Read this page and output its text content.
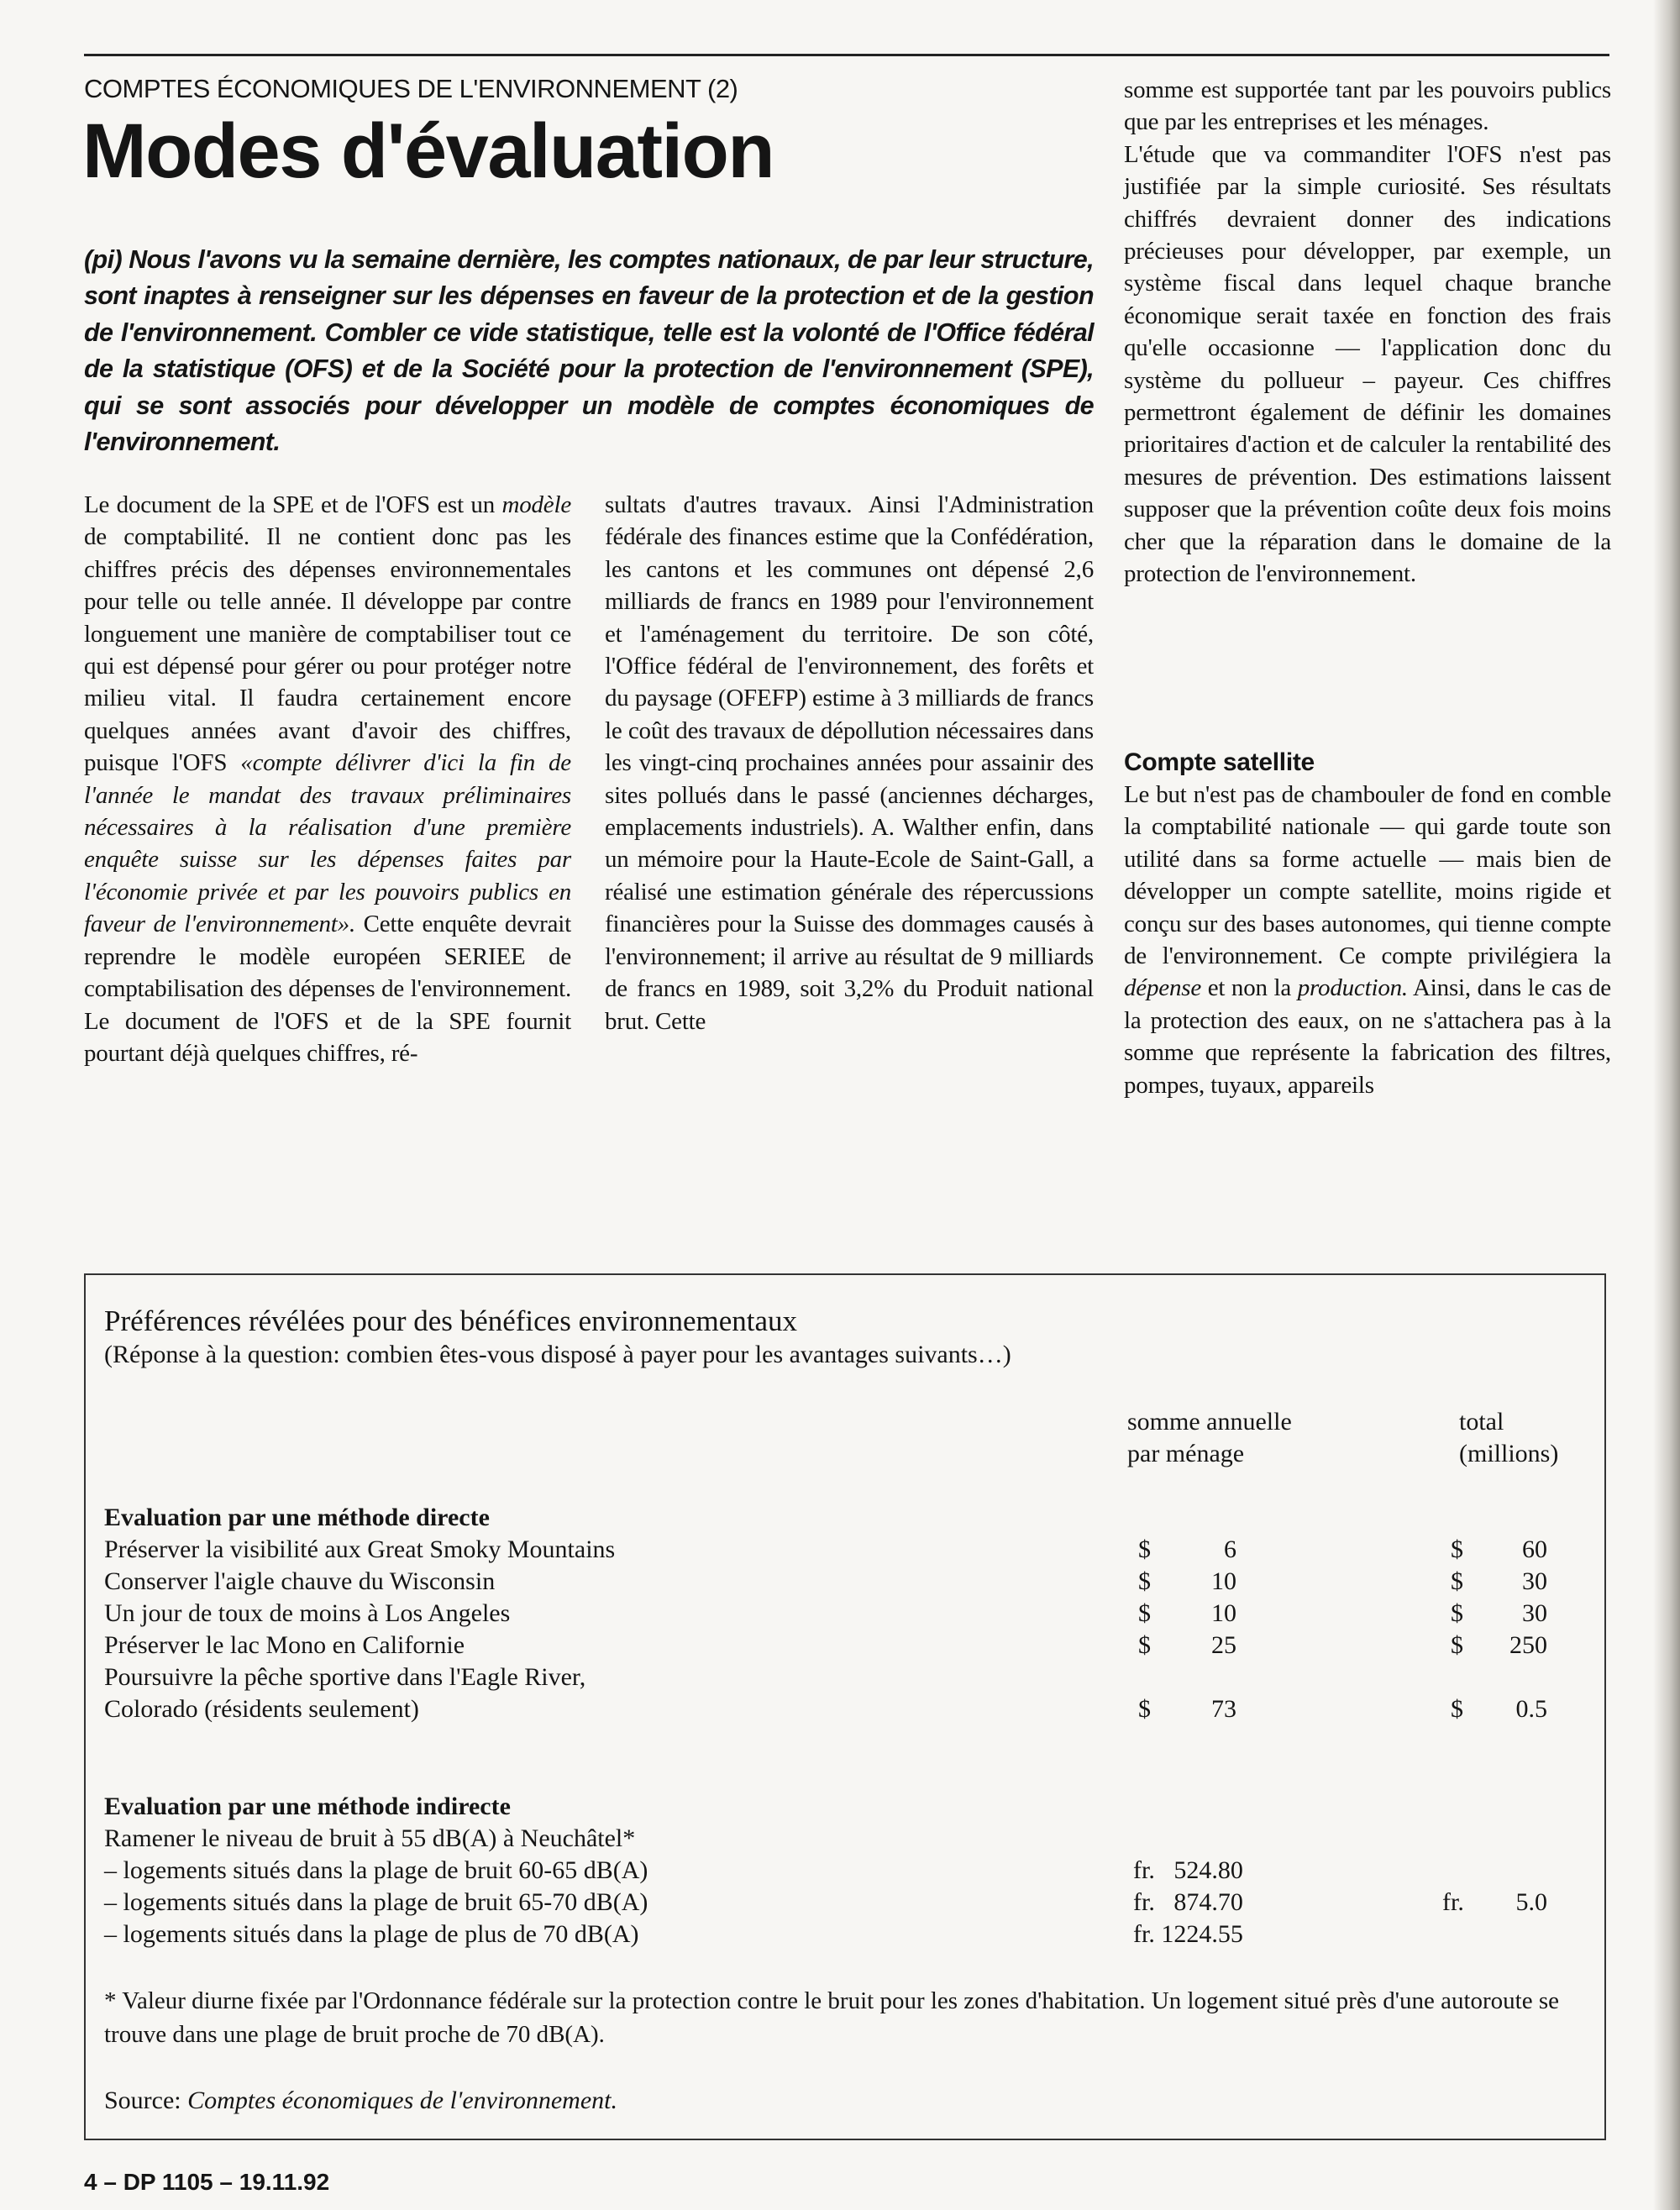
COMPTES ÉCONOMIQUES DE L'ENVIRONNEMENT (2)
Modes d'évaluation

(pi) Nous l'avons vu la semaine dernière, les comptes nationaux, de par leur structure, sont inaptes à renseigner sur les dépenses en faveur de la protection et de la gestion de l'environnement. Combler ce vide statistique, telle est la volonté de l'Office fédéral de la statistique (OFS) et de la Société pour la protection de l'environnement (SPE), qui se sont associés pour développer un modèle de comptes économiques de l'environnement.

Le document de la SPE et de l'OFS est un modèle de comptabilité. Il ne contient donc pas les chiffres précis des dépenses environnementales pour telle ou telle année. Il développe par contre longuement une manière de comptabiliser tout ce qui est dépensé pour gérer ou pour protéger notre milieu vital. Il faudra certainement encore quelques années avant d'avoir des chiffres, puisque l'OFS «compte délivrer d'ici la fin de l'année le mandat des travaux préliminaires nécessaires à la réalisation d'une première enquête suisse sur les dépenses faites par l'économie privée et par les pouvoirs publics en faveur de l'environnement». Cette enquête devrait reprendre le modèle européen SERIEE de comptabilisation des dépenses de l'environnement. Le document de l'OFS et de la SPE fournit pourtant déjà quelques chiffres, ré-

sultats d'autres travaux. Ainsi l'Administration fédérale des finances estime que la Confédération, les cantons et les communes ont dépensé 2,6 milliards de francs en 1989 pour l'environnement et l'aménagement du territoire. De son côté, l'Office fédéral de l'environnement, des forêts et du paysage (OFEFP) estime à 3 milliards de francs le coût des travaux de dépollution nécessaires dans les vingt-cinq prochaines années pour assainir des sites pollués dans le passé (anciennes décharges, emplacements industriels). A. Walther enfin, dans un mémoire pour la Haute-Ecole de Saint-Gall, a réalisé une estimation générale des répercussions financières pour la Suisse des dommages causés à l'environnement; il arrive au résultat de 9 milliards de francs en 1989, soit 3,2% du Produit national brut. Cette

somme est supportée tant par les pouvoirs publics que par les entreprises et les ménages.

L'étude que va commanditer l'OFS n'est pas justifiée par la simple curiosité. Ses résultats chiffrés devraient donner des indications précieuses pour développer, par exemple, un système fiscal dans lequel chaque branche économique serait taxée en fonction des frais qu'elle occasionne — l'application donc du système du pollueur – payeur. Ces chiffres permettront également de définir les domaines prioritaires d'action et de calculer la rentabilité des mesures de prévention. Des estimations laissent supposer que la prévention coûte deux fois moins cher que la réparation dans le domaine de la protection de l'environnement.

Compte satellite

Le but n'est pas de chambouler de fond en comble la comptabilité nationale — qui garde toute son utilité dans sa forme actuelle — mais bien de développer un compte satellite, moins rigide et conçu sur des bases autonomes, qui tienne compte de l'environnement. Ce compte privilégiera la dépense et non la production. Ainsi, dans le cas de la protection des eaux, on ne s'attachera pas à la somme que représente la fabrication des filtres, pompes, tuyaux, appareils

Préférences révélées pour des bénéfices environnementaux
(Réponse à la question: combien êtes-vous disposé à payer pour les avantages suivants…)
somme annuelle
par ménage
total
(millions)
Evaluation par une méthode directe
Préserver la visibilité aux Great Smoky Mountains	$	6	$	60
Conserver l'aigle chauve du Wisconsin	$	10	$	30
Un jour de toux de moins à Los Angeles	$	10	$	30
Préserver le lac Mono en Californie	$	25	$	250
Poursuivre la pêche sportive dans l'Eagle River,
Colorado (résidents seulement)	$	73	$	0.5
Evaluation par une méthode indirecte
Ramener le niveau de bruit à 55 dB(A) à Neuchâtel*
– logements situés dans la plage de bruit 60-65 dB(A)	fr. 524.80
– logements situés dans la plage de bruit 65-70 dB(A)	fr. 874.70	fr.	5.0
– logements situés dans la plage de plus de 70 dB(A)	fr. 1224.55
* Valeur diurne fixée par l'Ordonnance fédérale sur la protection contre le bruit pour les zones d'habitation. Un logement situé près d'une autoroute se trouve dans une plage de bruit proche de 70 dB(A).
Source: Comptes économiques de l'environnement.
4 – DP 1105 – 19.11.92
